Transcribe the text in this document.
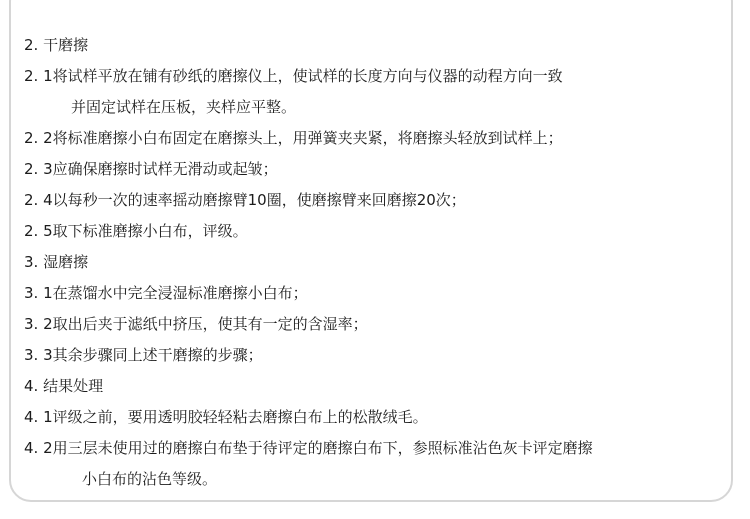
2. 干磨擦
2. 1将试样平放在铺有砂纸的磨擦仪上，使试样的长度方向与仪器的动程方向一致
并固定试样在压板，夹样应平整。
2. 2将标准磨擦小白布固定在磨擦头上，用弹簧夹夹紧，将磨擦头轻放到试样上；
2. 3应确保磨擦时试样无滑动或起皱；
2. 4以每秒一次的速率摇动磨擦臂10圈，使磨擦臂来回磨擦20次；
2. 5取下标准磨擦小白布，评级。
3. 湿磨擦
3. 1在蒸馏水中完全浸湿标准磨擦小白布；
3. 2取出后夹于滤纸中挤压，使其有一定的含湿率；
3. 3其余步骤同上述干磨擦的步骤；
4. 结果处理
4. 1评级之前，要用透明胶轻轻粘去磨擦白布上的松散绒毛。
4. 2用三层未使用过的磨擦白布垫于待评定的磨擦白布下，参照标准沾色灰卡评定磨擦
小白布的沾色等级。
